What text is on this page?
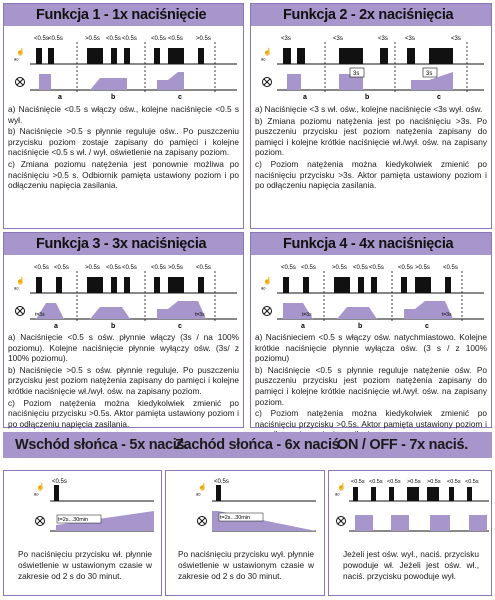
Funkcja 1 - 1x naciśnięcie
☝
ᵃᵒ
<0.5s <0.5s	>0.5s <0.5s <0.5s <0.5s <0.5s >0.5s
a	b	c

a) Naciśnięcie <0.5 s włączy ośw., kolejne naciśnięcie <0.5 s wył.

b) Naciśnięcie >0.5 s płynnie reguluje ośw.. Po puszczeniu przycisku poziom zostaje zapisany do pamięci i kolejne naciśnięcie <0.5 s wł. / wył. oświetlenie na zapisany poziom.

c) Zmiana poziomu natężenia jest ponownie możliwa po naciśnięciu >0.5 s. Odbiornik pamięta ustawiony poziom i po odłączeniu napięcia zasilania.

Funkcja 2 - 2x naciśnięcia
☝
ᵃᵒ
3s	3s
<3s	<3s	<3s	<3s	<3s
a	b	c

a) Naciśnięcie <3 s wł. ośw., kolejne naciśnięcie <3s wył. ośw.

b) Zmiana poziomu natężenia jest po naciśnięciu >3s. Po puszczeniu przycisku jest poziom natężenia zapisany do pamięci i kolejne krótkie naciśnięcie wł./wył. ośw. na zapisany poziom.

c) Poziom natężenia można kiedykolwiek zmienić po naciśnięciu przycisku >3s. Aktor pamięta ustawiony poziom i po odłączeniu napięcia zasilania.

Funkcja 3 - 3x naciśnięcia
☝
ᵃᵒ
t=3s	t=3s
<0.5s <0.5s	>0.5s <0.5s <0.5s <0.5s >0.5s <0.5s
a	b	c

a) Naciśnięcie <0.5 s ośw. płynnie włączy (3s / na 100% poziomu). Kolejne naciśnięcie płynnie wyłączy ośw. (3s/ z 100% poziomu).

b) Naciśnięcie >0.5 s ośw. płynnie reguluje. Po puszczeniu przycisku jest poziom natężenia zapisany do pamięci i kolejne krótkie naciśnięcie wł./wył. ośw. na zapisany poziom.

c) Poziom natężenia można kiedykolwiek zmienić po naciśnięciu przycisku >0.5s. Aktor pamięta ustawiony poziom i po odłączeniu napięcia zasilania.

Funkcja 4 - 4x naciśnięcia
☝
ᵃᵒ
t=3s	t=3s
<0.5s <0.5s	>0.5s <0.5s <0.5s <0.5s >0.5s <0.5s
a	b	c

a) Naciśnieciem <0.5 s włączy ośw. natychmiastowo. Kolejne krótkie naciśnięcie płynnie wyłącza ośw. (3 s / z 100% poziomu)

b) Naciśnięcie <0.5 s płynnie reguluje natężenie ośw. Po puszczeniu przycisku jest poziom natężenia zapisany do pamięci i kolejne krótkie naciśnięcie wł./wył. ośw. na zapisany poziom.

c) Poziom natężenia można kiedykolwiek zmienić po naciśnięciu przycisku >0.5s. Aktor pamięta ustawiony poziom i

Wschód słońca - 5x naciś.
Zachód słońca - 6x naciś.
ON / OFF - 7x naciś.
☝
ᵃᵒ
t=2s...30min
<0.5s
Po naciśnięciu przycisku wł. płynnie oświetlenie w ustawionym czasie w zakresie od 2 s do 30 minut.
☝
ᵃᵒ
t=2s...30min
<0.5s
Po naciśnięciu przycisku wył. płynnie oświetlenie w ustawionym czasie w zakresie od 2 s do 30 minut.
☝
ᵃᵒ
<0.5s <0.5s <0.5s >0.5s >0.5s <0.5s <0.5s
Jeżeli jest ośw. wył., naciś. przycisku powoduje wł. Jeżeli jest ośw. wł., naciś. przycisku powoduje wył.
